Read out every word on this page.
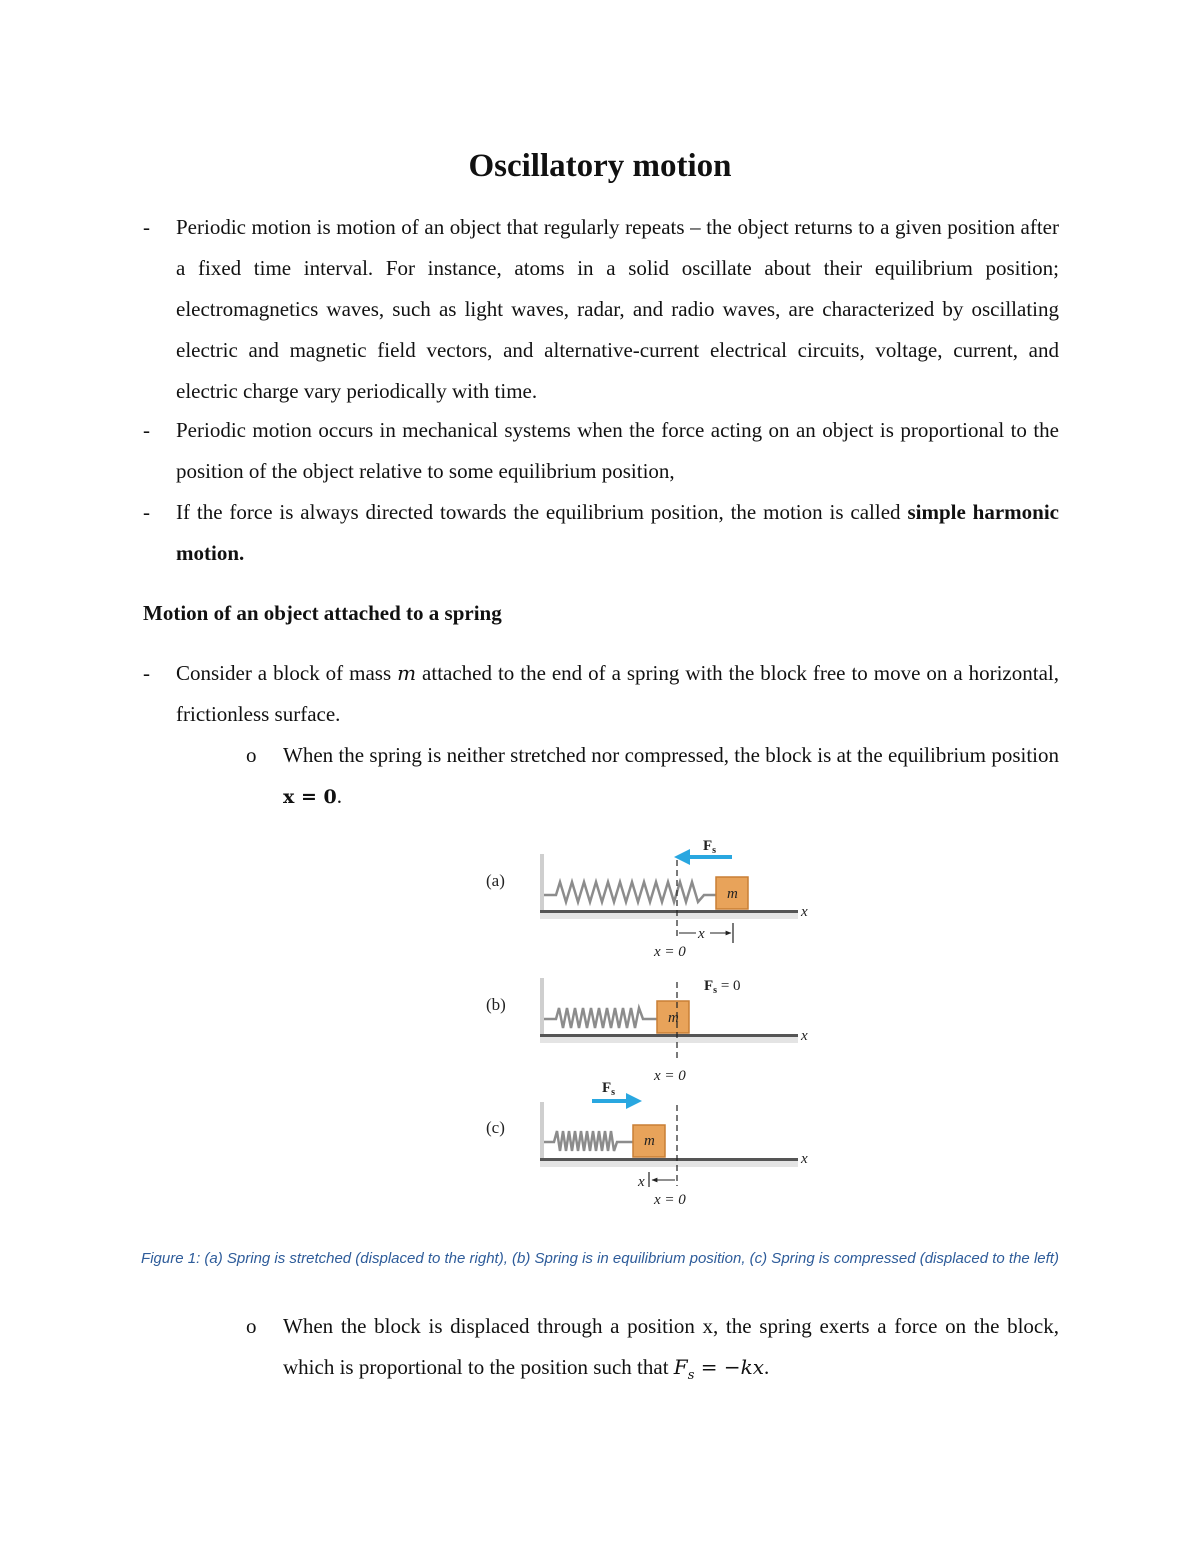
Oscillatory motion
- Periodic motion is motion of an object that regularly repeats – the object returns to a given position after a fixed time interval. For instance, atoms in a solid oscillate about their equilibrium position; electromagnetics waves, such as light waves, radar, and radio waves, are characterized by oscillating electric and magnetic field vectors, and alternative-current electrical circuits, voltage, current, and electric charge vary periodically with time.

- Periodic motion occurs in mechanical systems when the force acting on an object is proportional to the position of the object relative to some equilibrium position,

- If the force is always directed towards the equilibrium position, the motion is called simple harmonic motion.

Motion of an object attached to a spring
- Consider a block of mass m attached to the end of a spring with the block free to move on a horizontal, frictionless surface.

o When the spring is neither stretched nor compressed, the block is at the equilibrium position x = 0.

(a)
m
x
$F_s$
x
x = 0
(b)
m
x
$F_s = 0$
x = 0
(c)
m
x
$F_s$
x
x = 0

Figure 1: (a) Spring is stretched (displaced to the right), (b) Spring is in equilibrium position, (c) Spring is compressed (displaced to the left)

o When the block is displaced through a position x, the spring exerts a force on the block, which is proportional to the position such that $F_s = -kx$.
